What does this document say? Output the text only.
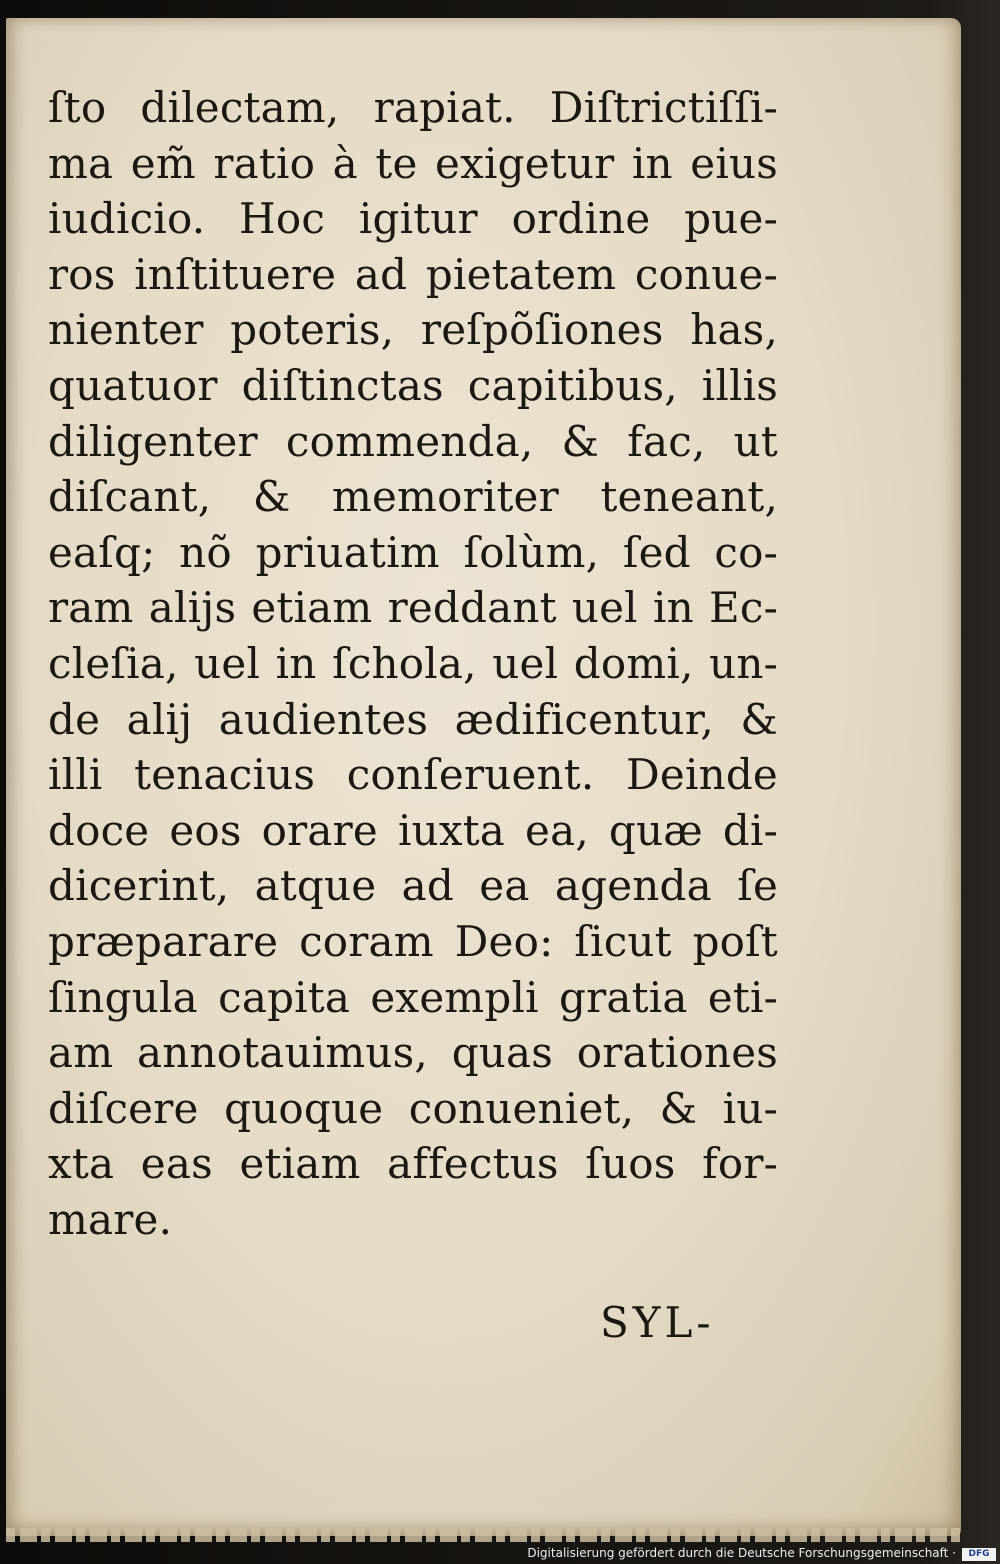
ſto dilectam, rapiat. Diſtrictiſſi-
ma em̃ ratio à te exigetur in eius
iudicio. Hoc igitur ordine pue-
ros inſtituere ad pietatem conue-
nienter poteris, reſpõſiones has,
quatuor diſtinctas capitibus, illis
diligenter commenda, & fac, ut
diſcant, & memoriter teneant,
eaſq; nõ priuatim ſolùm, ſed co-
ram alijs etiam reddant uel in Ec-
cleſia, uel in ſchola, uel domi, un-
de alij audientes ædificentur, &
illi tenacius conſeruent. Deinde
doce eos orare iuxta ea, quæ di-
dicerint, atque ad ea agenda ſe
præparare coram Deo: ſicut poſt
ſingula capita exempli gratia eti-
am annotauimus, quas orationes
diſcere quoque conueniet, & iu-
xta eas etiam affectus ſuos for-
mare.
SYL-
Digitalisierung gefördert durch die Deutsche Forschungsgemeinschaft ·	DFG
